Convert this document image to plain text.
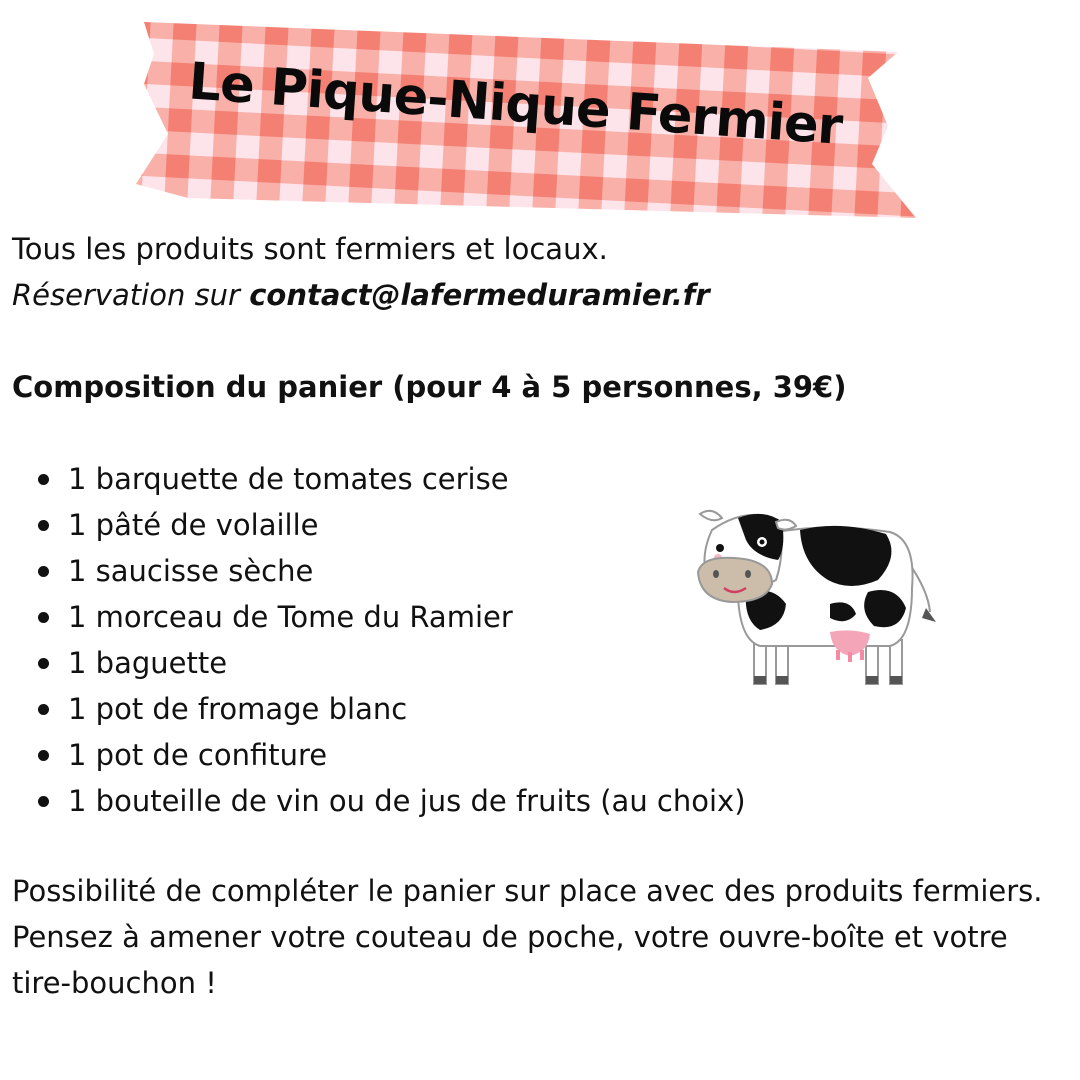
Le Pique-Nique Fermier
Tous les produits sont fermiers et locaux.
Réservation sur contact@lafermeduramier.fr

Composition du panier (pour 4 à 5 personnes, 39€)

1 barquette de tomates cerise
1 pâté de volaille
1 saucisse sèche
1 morceau de Tome du Ramier
1 baguette
1 pot de fromage blanc
1 pot de confiture
1 bouteille de vin ou de jus de fruits (au choix)
Possibilité de compléter le panier sur place avec des produits fermiers.
Pensez à amener votre couteau de poche, votre ouvre-boîte et votre tire-bouchon !
